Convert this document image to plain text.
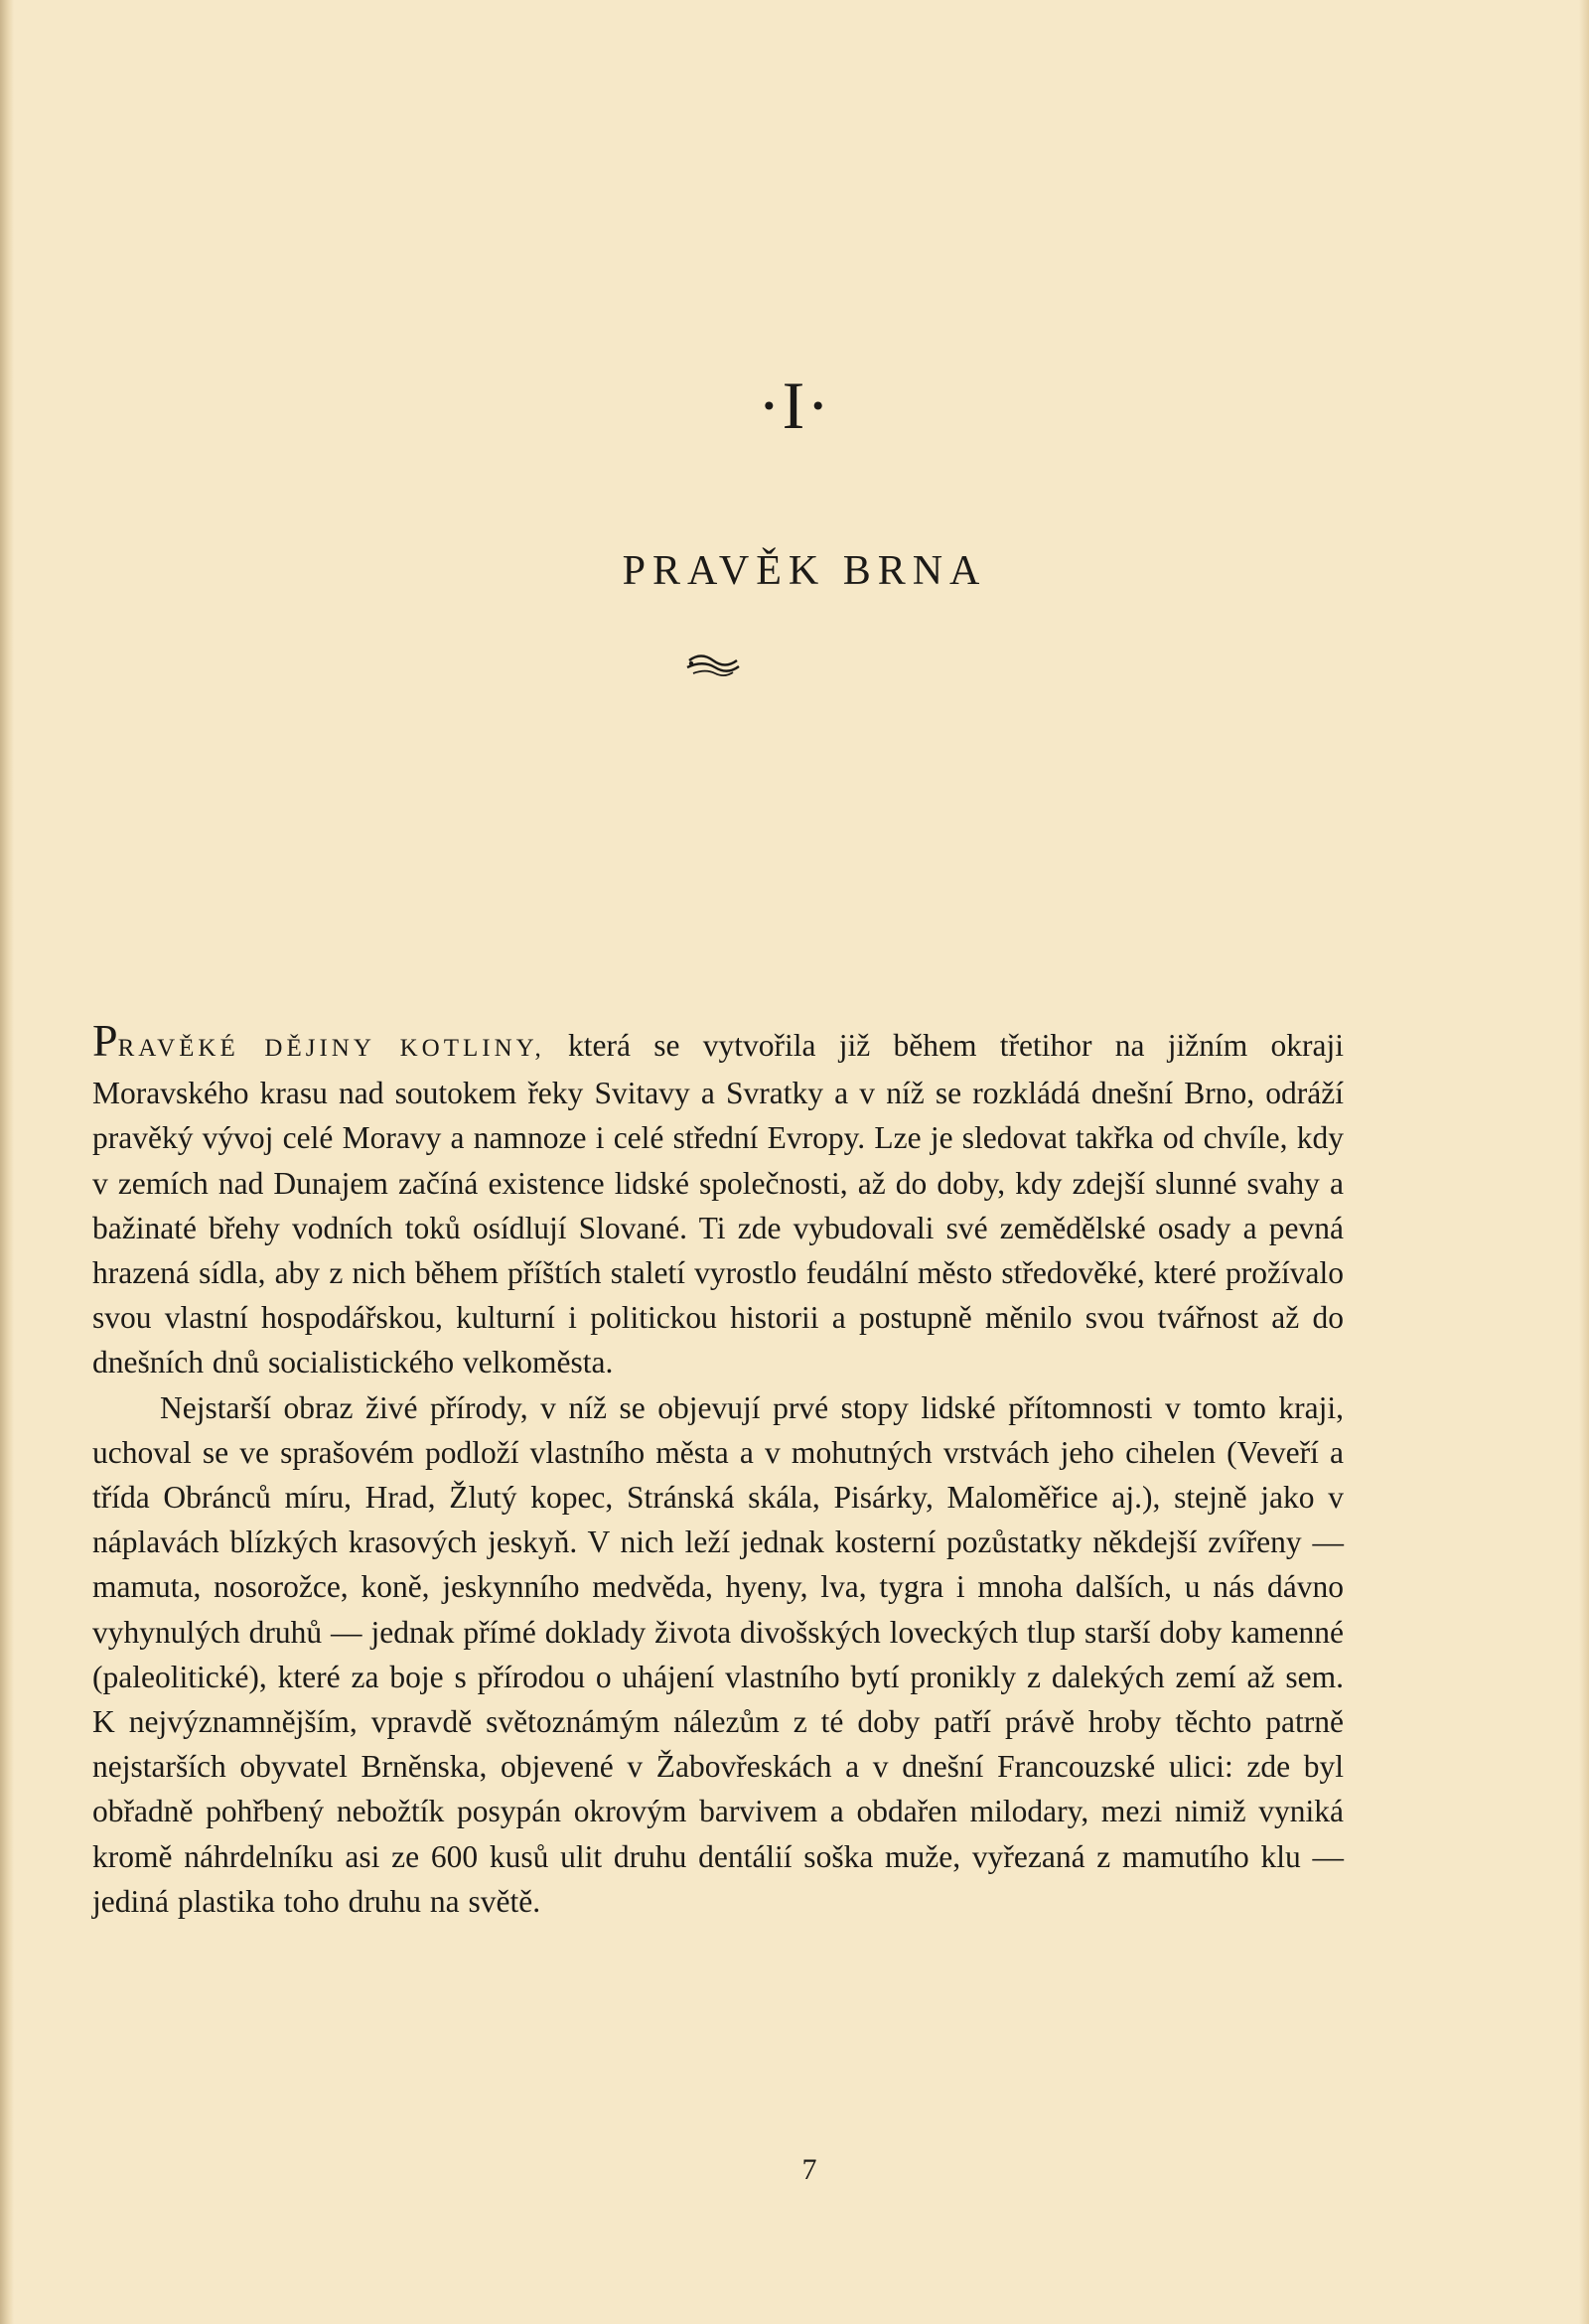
·I·
PRAVĚK BRNA

PRAVĚKÉ DĚJINY KOTLINY, která se vytvořila již během třetihor na jižním okraji Moravského krasu nad soutokem řeky Svitavy a Svratky a v níž se rozkládá dnešní Brno, odráží pravěký vývoj celé Moravy a namnoze i celé střední Evropy. Lze je sledovat takřka od chvíle, kdy v zemích nad Dunajem začíná existence lidské společnosti, až do doby, kdy zdejší slunné svahy a bažinaté břehy vodních toků osídlují Slované. Ti zde vybudovali své zemědělské osady a pevná hrazená sídla, aby z nich během příštích staletí vyrostlo feudální město středověké, které prožívalo svou vlastní hospodářskou, kulturní i politickou historii a postupně měnilo svou tvářnost až do dnešních dnů socialistického velkoměsta.

Nejstarší obraz živé přírody, v níž se objevují prvé stopy lidské přítomnosti v tomto kraji, uchoval se ve sprašovém podloží vlastního města a v mohutných vrstvách jeho cihelen (Veveří a třída Obránců míru, Hrad, Žlutý kopec, Stránská skála, Pisárky, Maloměřice aj.), stejně jako v náplavách blízkých krasových jeskyň. V nich leží jednak kosterní pozůstatky někdejší zvířeny — mamuta, nosorožce, koně, jeskynního medvěda, hyeny, lva, tygra i mnoha dalších, u nás dávno vyhynulých druhů — jednak přímé doklady života divošských loveckých tlup starší doby kamenné (paleolitické), které za boje s přírodou o uhájení vlastního bytí pronikly z dalekých zemí až sem. K nejvýznamnějším, vpravdě světoznámým nálezům z té doby patří právě hroby těchto patrně nejstarších obyvatel Brněnska, objevené v Žabovřeskách a v dnešní Francouzské ulici: zde byl obřadně pohřbený nebožtík posypán okrovým barvivem a obdařen milodary, mezi nimiž vyniká kromě náhrdelníku asi ze 600 kusů ulit druhu dentálií soška muže, vyřezaná z mamutího klu — jediná plastika toho druhu na světě.

7
